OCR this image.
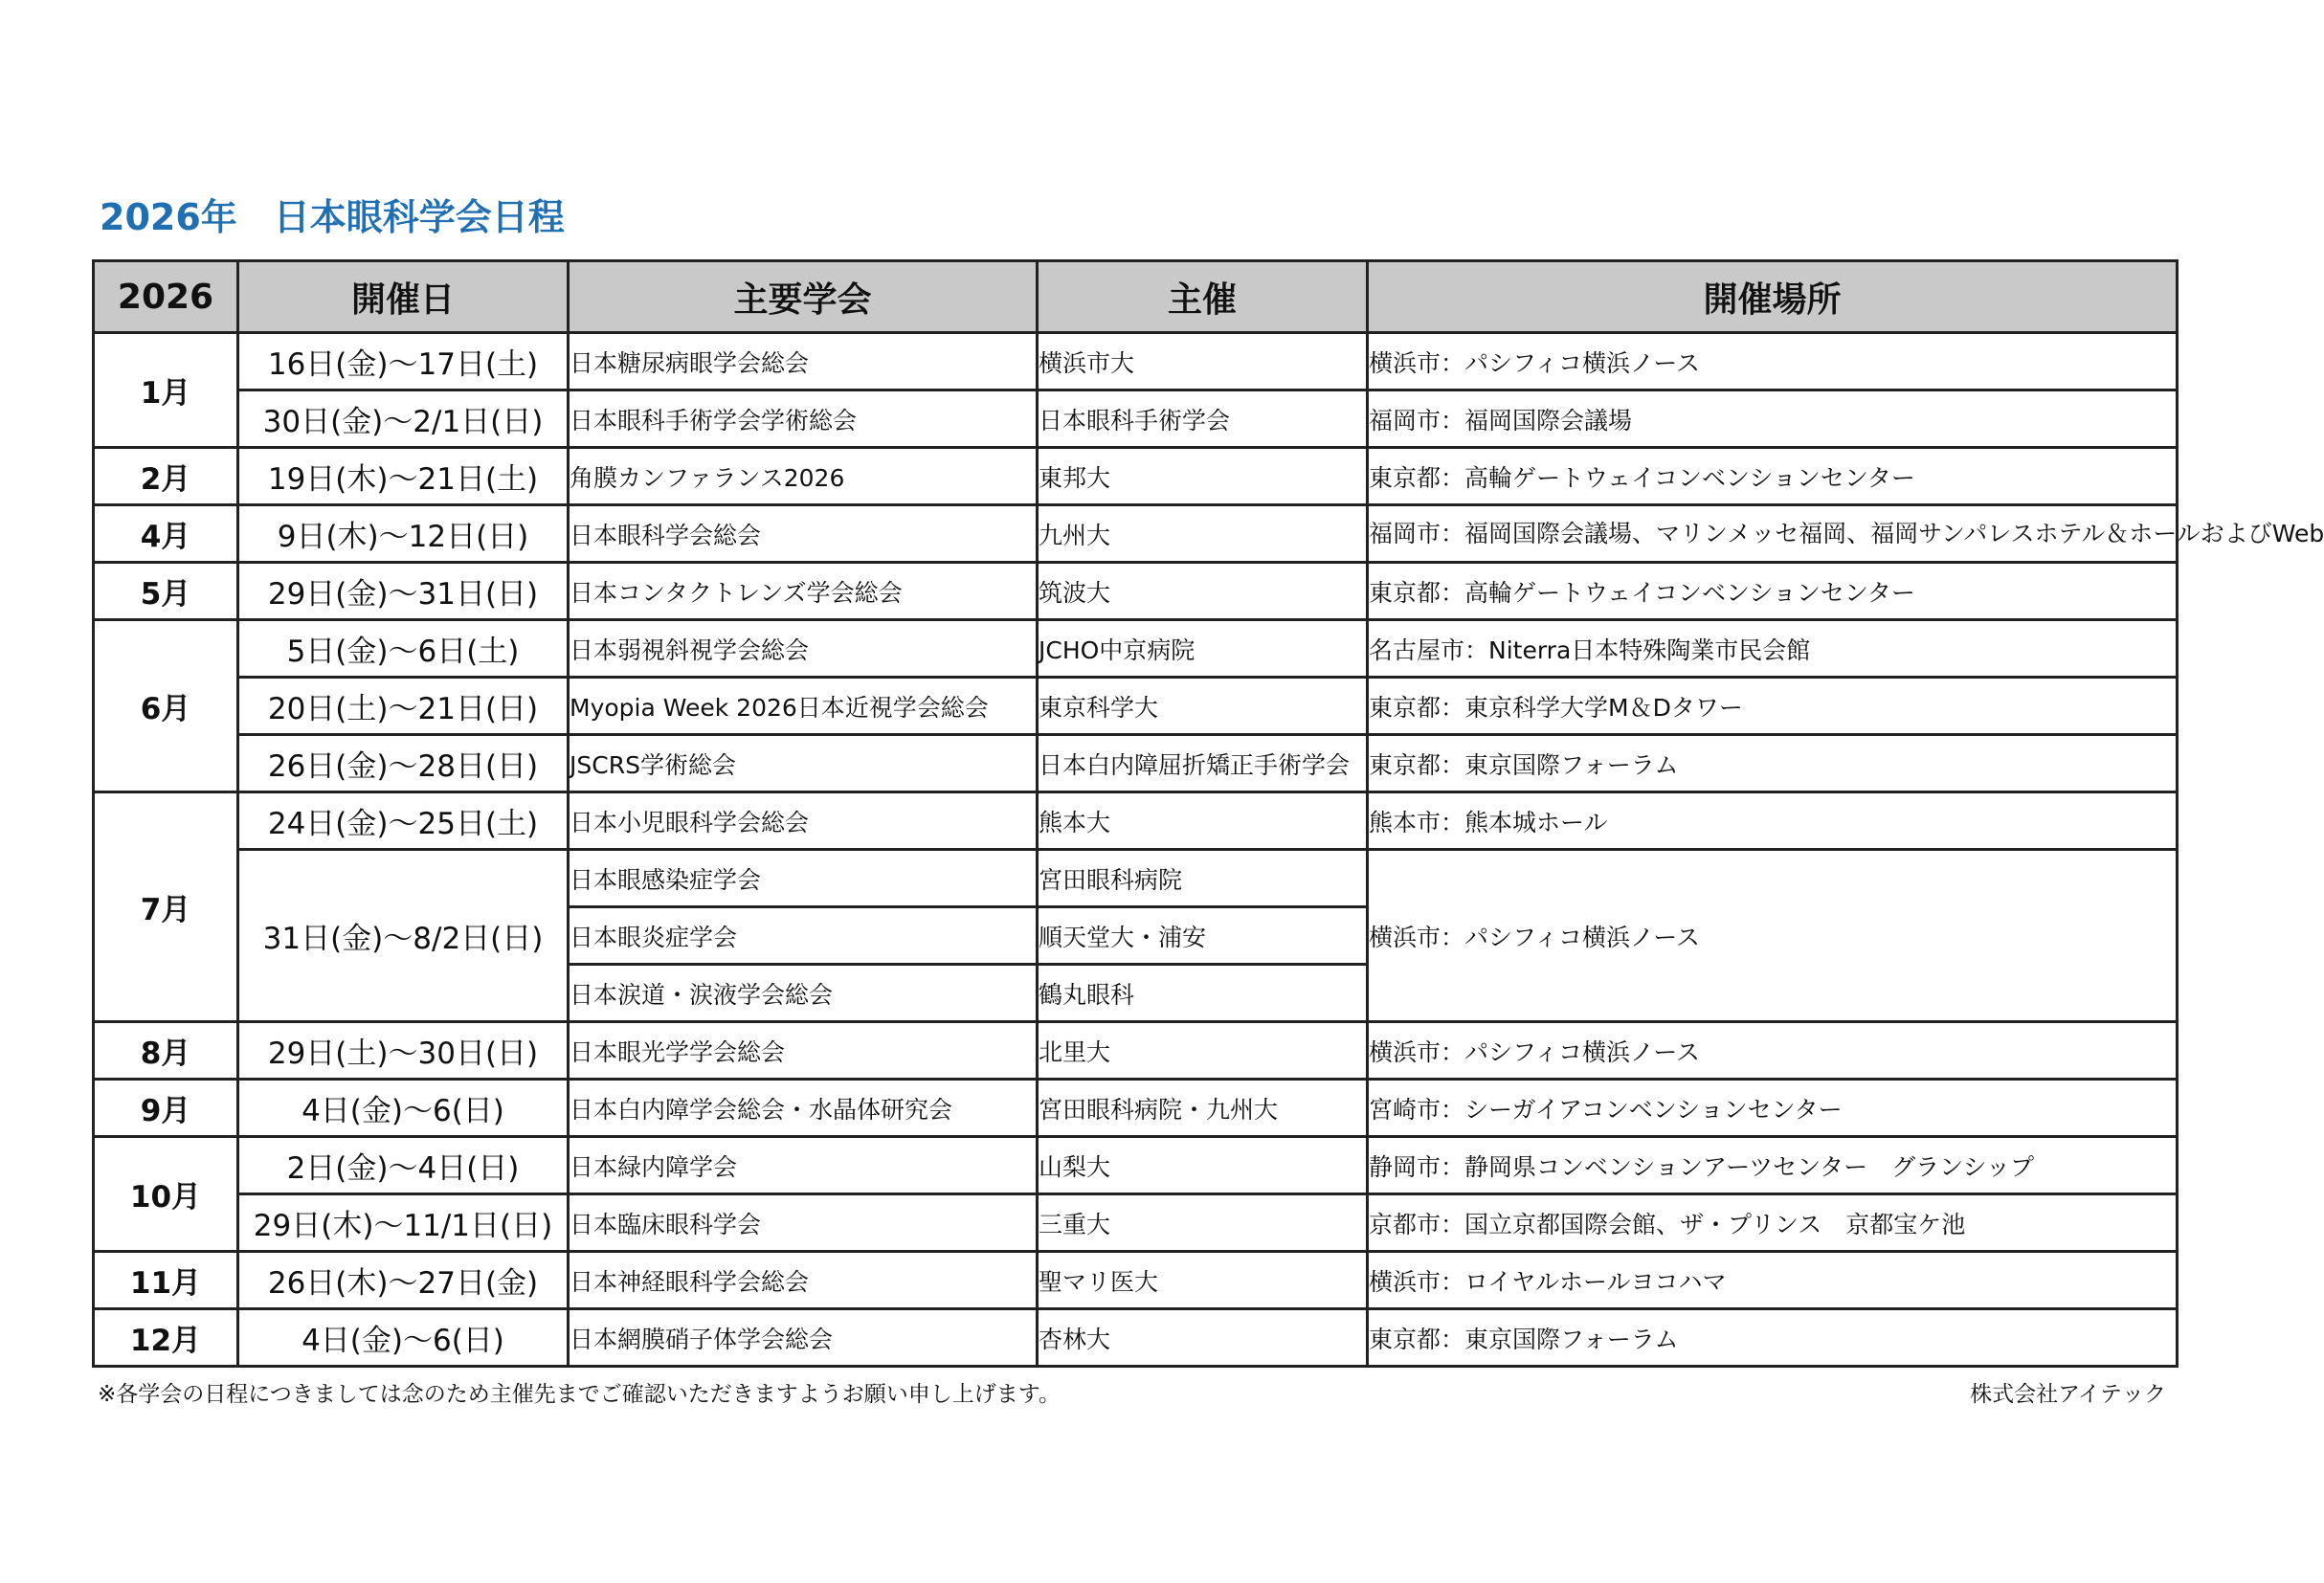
2026年　日本眼科学会日程
2026	開催日	主要学会	主催	開催場所
1月	16日(金)～17日(土)	日本糖尿病眼学会総会	横浜市大	横浜市：パシフィコ横浜ノース
	30日(金)～2/1日(日)	日本眼科手術学会学術総会	日本眼科手術学会	福岡市：福岡国際会議場
2月	19日(木)～21日(土)	角膜カンファランス2026	東邦大	東京都：高輪ゲートウェイコンベンションセンター
4月	9日(木)～12日(日)	日本眼科学会総会	九州大	福岡市：福岡国際会議場、マリンメッセ福岡、福岡サンパレスホテル＆ホールおよびWeb
5月	29日(金)～31日(日)	日本コンタクトレンズ学会総会	筑波大	東京都：高輪ゲートウェイコンベンションセンター
6月	5日(金)～6日(土)	日本弱視斜視学会総会	JCHO中京病院	名古屋市：Niterra日本特殊陶業市民会館
	20日(土)～21日(日)	Myopia Week 2026日本近視学会総会	東京科学大	東京都：東京科学大学M＆Dタワー
	26日(金)～28日(日)	JSCRS学術総会	日本白内障屈折矯正手術学会	東京都：東京国際フォーラム
7月	24日(金)～25日(土)	日本小児眼科学会総会	熊本大	熊本市：熊本城ホール
	31日(金)～8/2日(日)	日本眼感染症学会	宮田眼科病院	横浜市：パシフィコ横浜ノース
		日本眼炎症学会	順天堂大・浦安	
		日本涙道・涙液学会総会	鶴丸眼科	
8月	29日(土)～30日(日)	日本眼光学学会総会	北里大	横浜市：パシフィコ横浜ノース
9月	4日(金)～6(日)	日本白内障学会総会・水晶体研究会	宮田眼科病院・九州大	宮崎市：シーガイアコンベンションセンター
10月	2日(金)～4日(日)	日本緑内障学会	山梨大	静岡市：静岡県コンベンションアーツセンター　グランシップ
	29日(木)～11/1日(日)	日本臨床眼科学会	三重大	京都市：国立京都国際会館、ザ・プリンス　京都宝ケ池
11月	26日(木)～27日(金)	日本神経眼科学会総会	聖マリ医大	横浜市：ロイヤルホールヨコハマ
12月	4日(金)～6(日)	日本網膜硝子体学会総会	杏林大	東京都：東京国際フォーラム
※各学会の日程につきましては念のため主催先までご確認いただきますようお願い申し上げます。	株式会社アイテック
